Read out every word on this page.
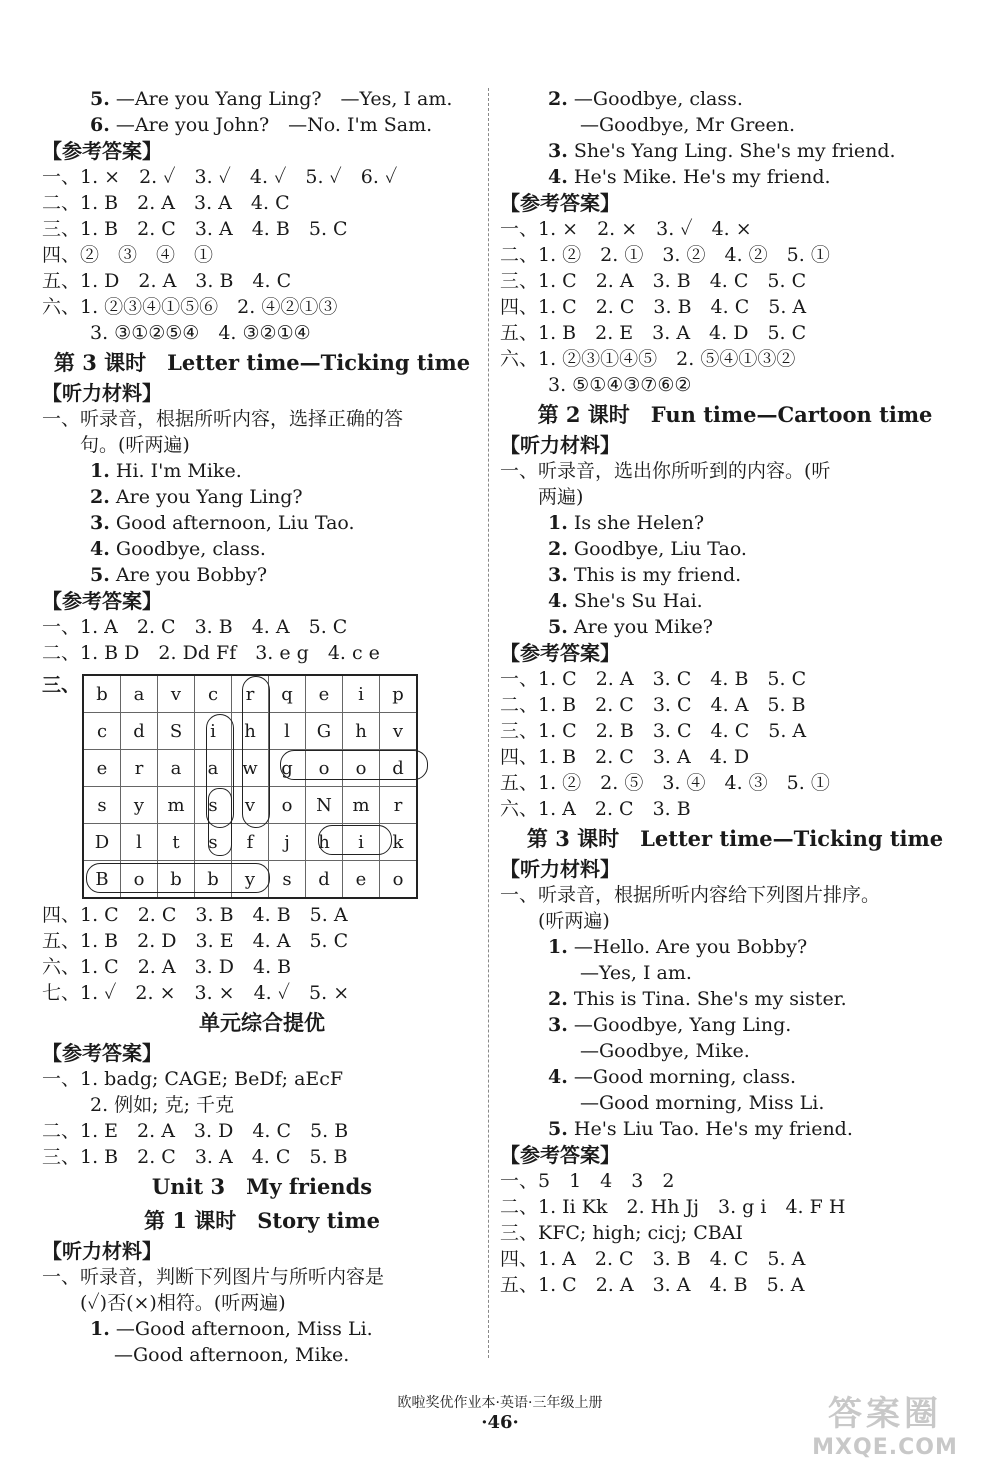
5. —Are you Yang Ling?　—Yes, I am.
6. —Are you John?　—No. I'm Sam.
【参考答案】
一、1. ×　2. ✓　3. ✓　4. ✓　5. ✓　6. ✓
二、1. B　2. A　3. A　4. C
三、1. B　2. C　3. A　4. B　5. C
四、②　③　④　①
五、1. D　2. A　3. B　4. C
六、1. ②③④①⑤⑥　2. ④②①③
3. ③①②⑤④　4. ③②①④
第 3 课时　Letter time—Ticking time
【听力材料】
一、听录音，根据所听内容，选择正确的答
句。(听两遍)
1. Hi. I'm Mike.
2. Are you Yang Ling?
3. Good afternoon, Liu Tao.
4. Goodbye, class.
5. Are you Bobby?
【参考答案】
一、1. A　2. C　3. B　4. A　5. C
二、1. B D　2. Dd Ff　3. e g　4. c e
三、 b	a	v	c	r	q	e	i	p
c	d	S	i	h	l	G	h	v
e	r	a	a	w	g	o	o	d
s	y	m	s	v	o	N	m	r
D	l	t	s	f	j	h	i	k
B	o	b	b	y	s	d	e	o
四、1. C　2. C　3. B　4. B　5. A
五、1. B　2. D　3. E　4. A　5. C
六、1. C　2. A　3. D　4. B
七、1. ✓　2. ×　3. ×　4. ✓　5. ×
单元综合提优
【参考答案】
一、1. badg; CAGE; BeDf; aEcF
2. 例如; 克; 千克
二、1. E　2. A　3. D　4. C　5. B
三、1. B　2. C　3. A　4. C　5. B
Unit 3　My friends
第 1 课时　Story time
【听力材料】
一、听录音，判断下列图片与所听内容是
(✓)否(×)相符。(听两遍)
1. —Good afternoon, Miss Li.
—Good afternoon, Mike.
2. —Goodbye, class.
—Goodbye, Mr Green.
3. She's Yang Ling. She's my friend.
4. He's Mike. He's my friend.
【参考答案】
一、1. ×　2. ×　3. ✓　4. ×
二、1. ②　2. ①　3. ②　4. ②　5. ①
三、1. C　2. A　3. B　4. C　5. C
四、1. C　2. C　3. B　4. C　5. A
五、1. B　2. E　3. A　4. D　5. C
六、1. ②③①④⑤　2. ⑤④①③②
3. ⑤①④③⑦⑥②
第 2 课时　Fun time—Cartoon time
【听力材料】
一、听录音，选出你所听到的内容。(听
两遍)
1. Is she Helen?
2. Goodbye, Liu Tao.
3. This is my friend.
4. She's Su Hai.
5. Are you Mike?
【参考答案】
一、1. C　2. A　3. C　4. B　5. C
二、1. B　2. C　3. C　4. A　5. B
三、1. C　2. B　3. C　4. C　5. A
四、1. B　2. C　3. A　4. D
五、1. ②　2. ⑤　3. ④　4. ③　5. ①
六、1. A　2. C　3. B
第 3 课时　Letter time—Ticking time
【听力材料】
一、听录音，根据所听内容给下列图片排序。
(听两遍)
1. —Hello. Are you Bobby?
—Yes, I am.
2. This is Tina. She's my sister.
3. —Goodbye, Yang Ling.
—Goodbye, Mike.
4. —Good morning, class.
—Good morning, Miss Li.
5. He's Liu Tao. He's my friend.
【参考答案】
一、5　1　4　3　2
二、1. Ii Kk　2. Hh Jj　3. g i　4. F H
三、KFC; high; cicj; CBAI
四、1. A　2. C　3. B　4. C　5. A
五、1. C　2. A　3. A　4. B　5. A
欧啦奖优作业本·英语·三年级上册
·46·	答案圈
MXQE.COM
